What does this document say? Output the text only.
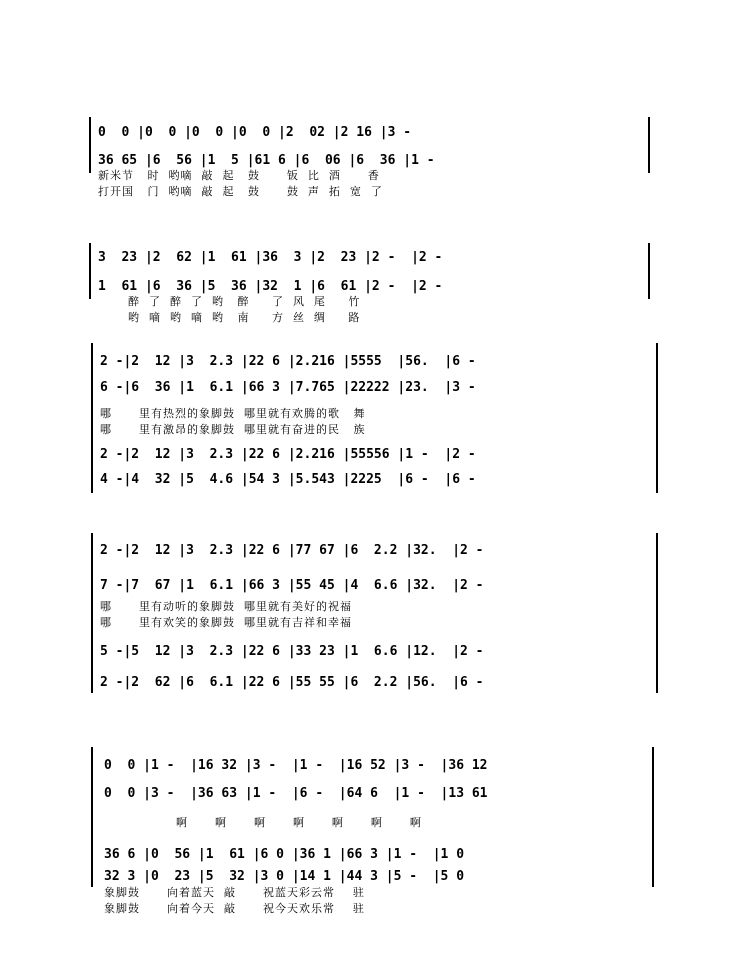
0  0 |0  0 |0  0 |0  0 |2  02 |2 16 |3 -
36 65 |6  56 |1  5 |61 6 |6  06 |6  36 |1 -
新米节   时  哟嘀  敲  起   鼓      钣  比  酒      香
打开国   门  哟嘀  敲  起   鼓      鼓  声  拓  宽  了
3  23 |2  62 |1  61 |36  3 |2  23 |2 -  |2 -
1  61 |6  36 |5  36 |32  1 |6  61 |2 -  |2 -
醉  了  醉  了  哟   醉     了  风  尾     竹
哟  嘀  哟  嘀  哟   南     方  丝  绸     路
2 -|2  12 |3  2.3 |22 6 |2.216 |5555  |56.  |6 -
6 -|6  36 |1  6.1 |66 3 |7.765 |22222 |23.  |3 -
哪      里有热烈的象脚鼓  哪里就有欢腾的歌   舞
哪      里有激昂的象脚鼓  哪里就有奋进的民   族
2 -|2  12 |3  2.3 |22 6 |2.216 |55556 |1 -  |2 -
4 -|4  32 |5  4.6 |54 3 |5.543 |2225  |6 -  |6 -
2 -|2  12 |3  2.3 |22 6 |77 67 |6  2.2 |32.  |2 -
7 -|7  67 |1  6.1 |66 3 |55 45 |4  6.6 |32.  |2 -
哪      里有动听的象脚鼓  哪里就有美好的祝福
哪      里有欢笑的象脚鼓  哪里就有吉祥和幸福
5 -|5  12 |3  2.3 |22 6 |33 23 |1  6.6 |12.  |2 -
2 -|2  62 |6  6.1 |22 6 |55 55 |6  2.2 |56.  |6 -
0  0 |1 -  |16 32 |3 -  |1 -  |16 52 |3 -  |36 12
0  0 |3 -  |36 63 |1 -  |6 -  |64 6  |1 -  |13 61
啊      啊      啊      啊      啊      啊      啊
36 6 |0  56 |1  61 |6 0 |36 1 |66 3 |1 -  |1 0
32 3 |0  23 |5  32 |3 0 |14 1 |44 3 |5 -  |5 0
象脚鼓      向着蓝天  敲      祝蓝天彩云常    驻
象脚鼓      向着今天  敲      祝今天欢乐常    驻
